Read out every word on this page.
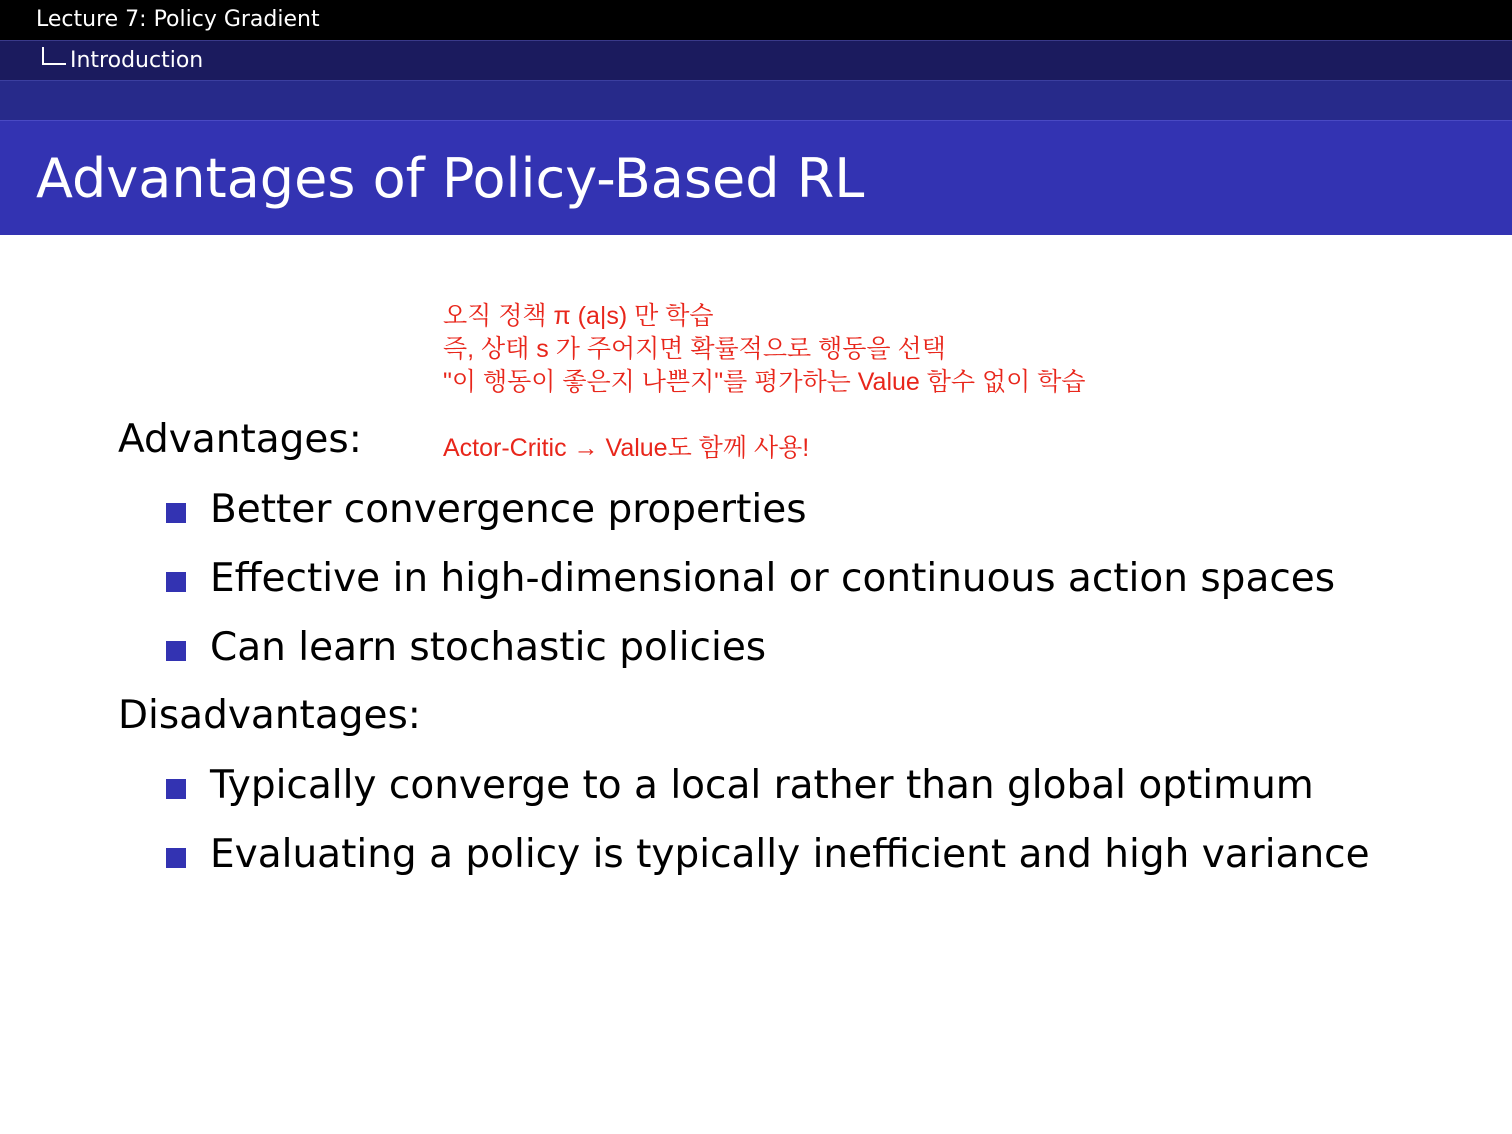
Lecture 7: Policy Gradient
Introduction
Advantages of Policy-Based RL
오직 정책 π (a|s) 만 학습
즉, 상태 s 가 주어지면 확률적으로 행동을 선택
"이 행동이 좋은지 나쁜지"를 평가하는 Value 함수 없이 학습
Actor-Critic → Value도 함께 사용!
Advantages:
Better convergence properties
Effective in high-dimensional or continuous action spaces
Can learn stochastic policies
Disadvantages:
Typically converge to a local rather than global optimum
Evaluating a policy is typically inefficient and high variance
